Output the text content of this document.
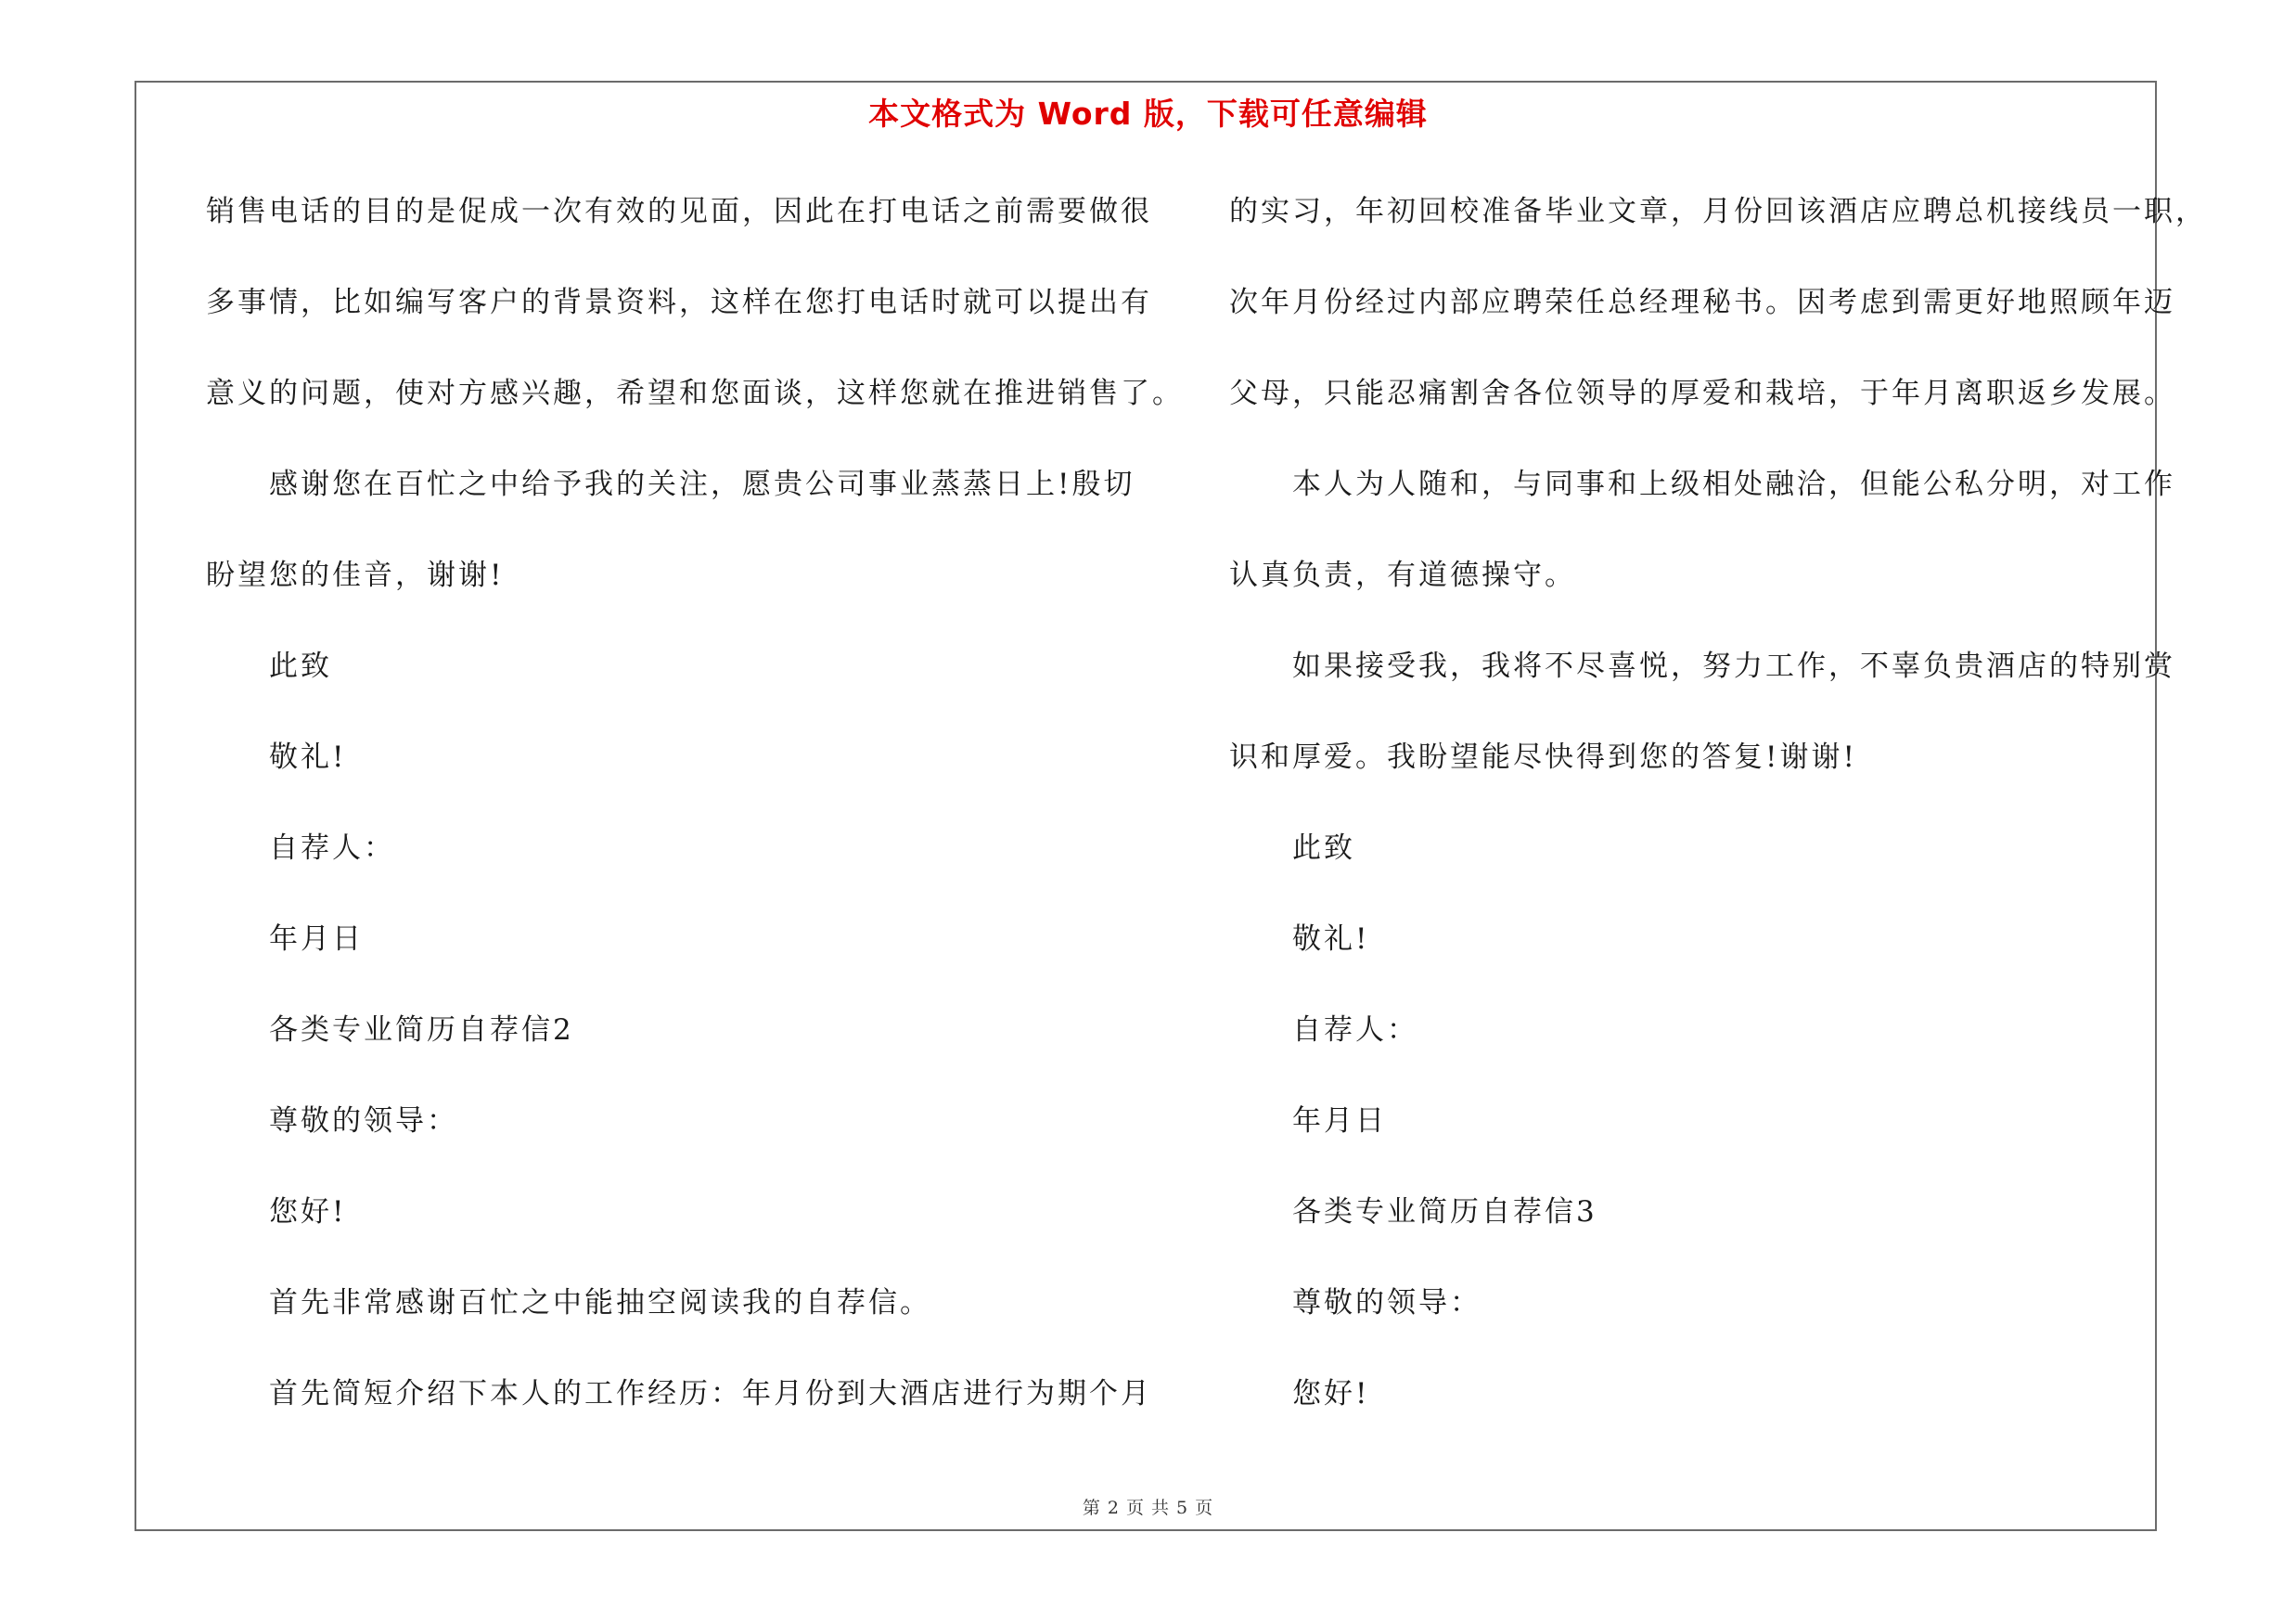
本文格式为 Word 版，下载可任意编辑
销售电话的目的是促成一次有效的见面，因此在打电话之前需要做很
多事情，比如编写客户的背景资料，这样在您打电话时就可以提出有
意义的问题，使对方感兴趣，希望和您面谈，这样您就在推进销售了。
感谢您在百忙之中给予我的关注，愿贵公司事业蒸蒸日上!殷切
盼望您的佳音，谢谢!
此致
敬礼!
自荐人：
年月日
各类专业简历自荐信2
尊敬的领导：
您好!
首先非常感谢百忙之中能抽空阅读我的自荐信。
首先简短介绍下本人的工作经历：年月份到大酒店进行为期个月
的实习，年初回校准备毕业文章，月份回该酒店应聘总机接线员一职，
次年月份经过内部应聘荣任总经理秘书。因考虑到需更好地照顾年迈
父母，只能忍痛割舍各位领导的厚爱和栽培，于年月离职返乡发展。
本人为人随和，与同事和上级相处融洽，但能公私分明，对工作
认真负责，有道德操守。
如果接受我，我将不尽喜悦，努力工作，不辜负贵酒店的特别赏
识和厚爱。我盼望能尽快得到您的答复!谢谢!
此致
敬礼!
自荐人：
年月日
各类专业简历自荐信3
尊敬的领导：
您好!
第 2 页 共 5 页
